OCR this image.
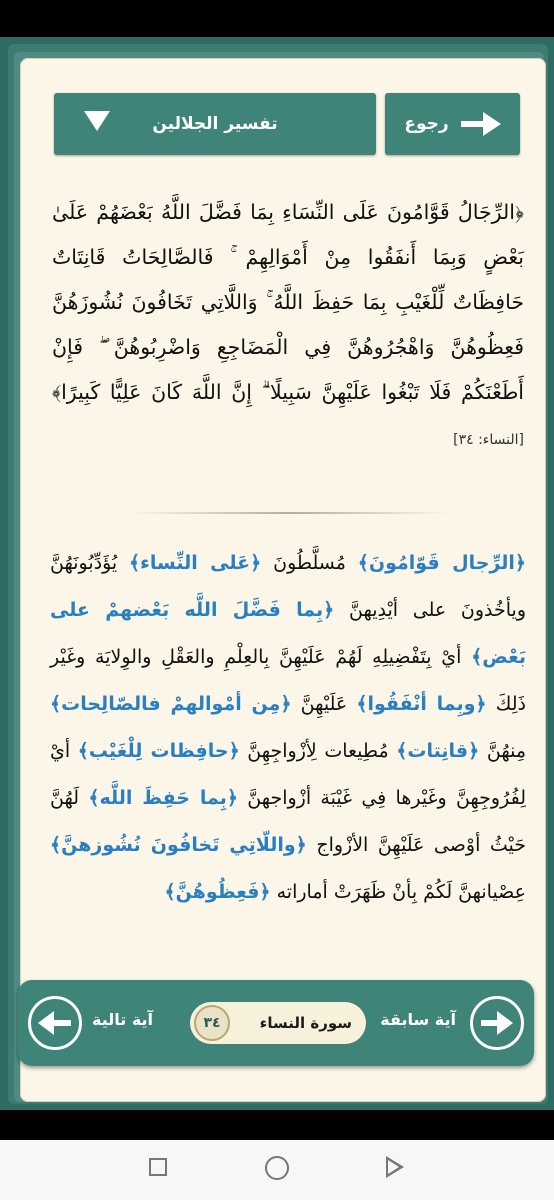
تفسير الجلالين	رجوع
﴿الرِّجَالُ قَوَّامُونَ عَلَى النِّسَاءِ بِمَا فَضَّلَ اللَّهُ بَعْضَهُمْ عَلَىٰ بَعْضٍ وَبِمَا أَنفَقُوا مِنْ أَمْوَالِهِمْ ۚ فَالصَّالِحَاتُ قَانِتَاتٌ حَافِظَاتٌ لِّلْغَيْبِ بِمَا حَفِظَ اللَّهُ ۚ وَاللَّاتِي تَخَافُونَ نُشُوزَهُنَّ فَعِظُوهُنَّ وَاهْجُرُوهُنَّ فِي الْمَضَاجِعِ وَاضْرِبُوهُنَّ ۖ فَإِنْ أَطَعْنَكُمْ فَلَا تَبْغُوا عَلَيْهِنَّ سَبِيلًا ۗ إِنَّ اللَّهَ كَانَ عَلِيًّا كَبِيرًا﴾ [النساء: ٣٤]
﴿الرِّجال قَوّامُونَ﴾ مُسلَّطُونَ ﴿عَلى النِّساء﴾ يُؤَدِّبُونَهُنَّ ويأخُذونَ على أيْدِيهنَّ ﴿بِما فَضَّلَ اللَّه بَعْضهمْ على بَعْض﴾ أيْ بِتَفْضِيلِهِ لَهُمْ عَلَيْهِنَّ بِالعِلْمِ والعَقْلِ والوِلايَة وغَيْر ذَلِكَ ﴿وبِما أنْفَقُوا﴾ عَلَيْهِنَّ ﴿مِن أمْوالهمْ فالصّالِحات﴾ مِنهُنَّ ﴿قانِتات﴾ مُطِيعات لِأزْواجِهِنَّ ﴿حافِظات لِلْغَيْب﴾ أيْ لِفُرُوجِهِنَّ وغَيْرها فِي غَيْبَة أزْواجهنَّ ﴿بِما حَفِظَ اللَّه﴾ لَهُنَّ حَيْثُ أوْصى عَلَيْهِنَّ الأزْواج ﴿واللّاتِي تَخافُونَ نُشُوزهنَّ﴾ عِصْيانهنَّ لَكُمْ بِأنْ ظَهَرَتْ أماراته ﴿فَعِظُوهُنَّ﴾
آية تالية	سورة النساء
٣٤	آية سابقة
